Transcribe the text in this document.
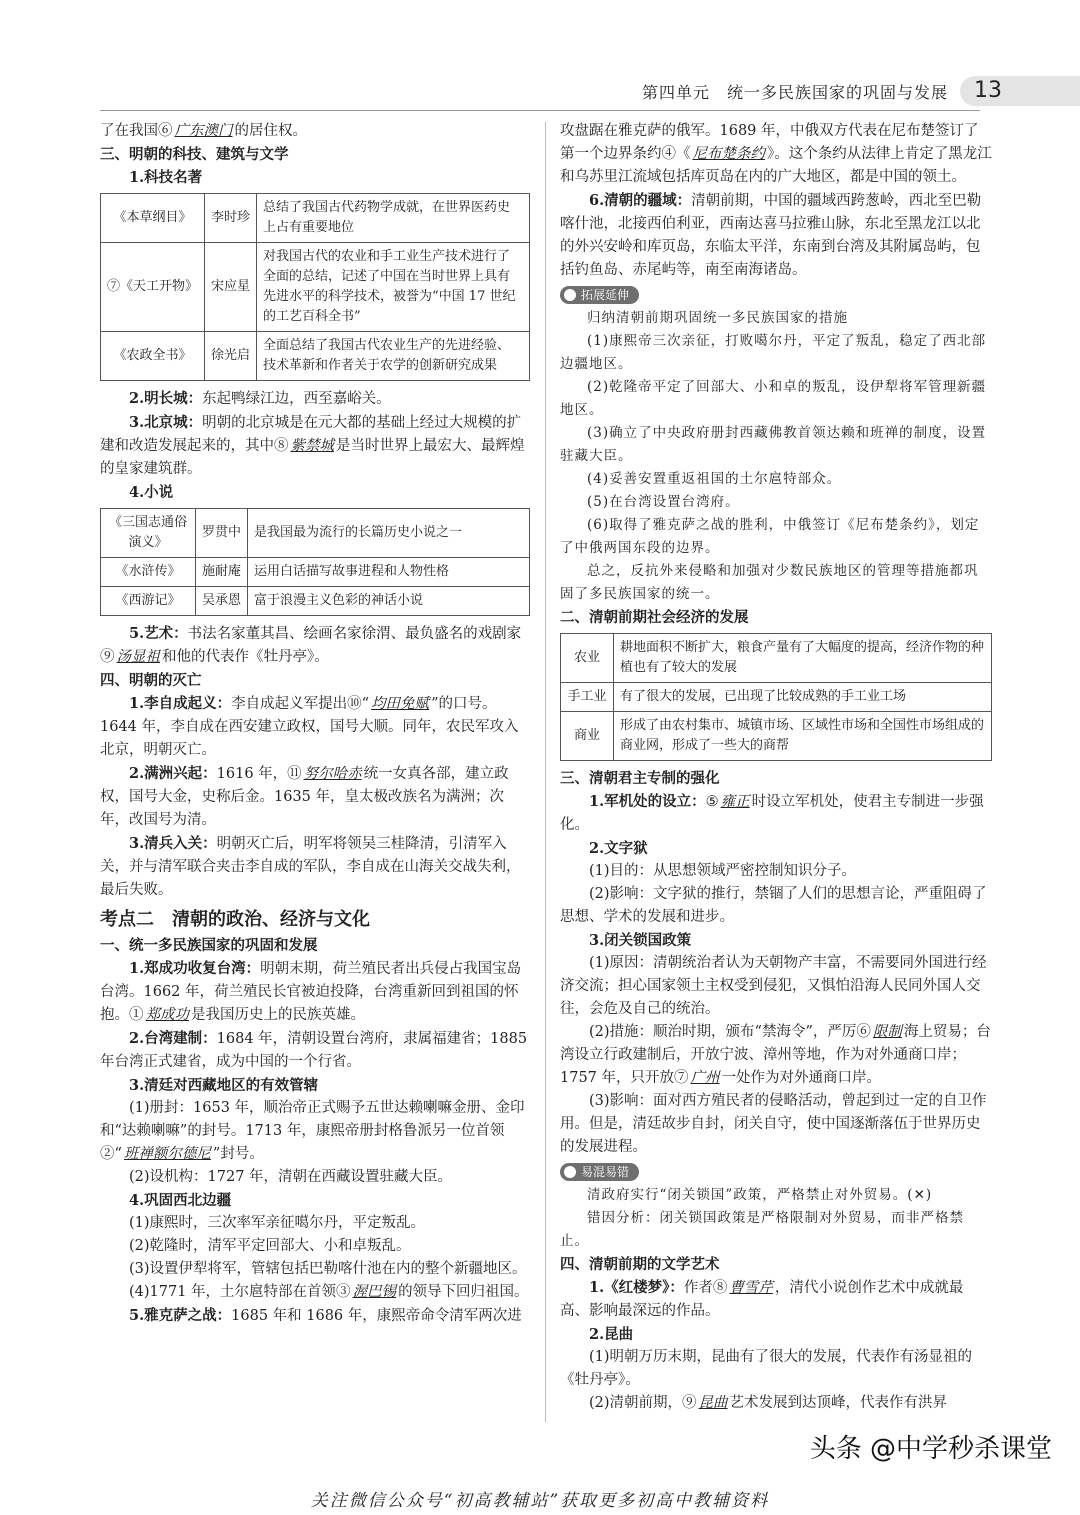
第四单元　统一多民族国家的巩固与发展 13

了在我国⑥ 广东澳门 的居住权。

三、明朝的科技、建筑与文学

1.科技名著

《本草纲目》	李时珍	总结了我国古代药物学成就，在世界医药史上占有重要地位
⑦《天工开物》	宋应星	对我国古代的农业和手工业生产技术进行了全面的总结，记述了中国在当时世界上具有先进水平的科学技术，被誉为“中国 17 世纪的工艺百科全书”
《农政全书》	徐光启	全面总结了我国古代农业生产的先进经验、技术革新和作者关于农学的创新研究成果

2.明长城：东起鸭绿江边，西至嘉峪关。

3.北京城：明朝的北京城是在元大都的基础上经过大规模的扩建和改造发展起来的，其中⑧ 紫禁城 是当时世界上最宏大、最辉煌的皇家建筑群。

4.小说

《三国志通俗演义》	罗贯中	是我国最为流行的长篇历史小说之一
《水浒传》	施耐庵	运用白话描写故事进程和人物性格
《西游记》	吴承恩	富于浪漫主义色彩的神话小说

5.艺术：书法名家董其昌、绘画名家徐渭、最负盛名的戏剧家⑨ 汤显祖 和他的代表作《牡丹亭》。

四、明朝的灭亡

1.李自成起义：李自成起义军提出⑩“ 均田免赋 ”的口号。1644 年，李自成在西安建立政权，国号大顺。同年，农民军攻入北京，明朝灭亡。

2.满洲兴起：1616 年，⑪ 努尔哈赤 统一女真各部，建立政权，国号大金，史称后金。1635 年，皇太极改族名为满洲；次年，改国号为清。

3.清兵入关：明朝灭亡后，明军将领吴三桂降清，引清军入关，并与清军联合夹击李自成的军队，李自成在山海关交战失利，最后失败。

考点二　清朝的政治、经济与文化

一、统一多民族国家的巩固和发展

1.郑成功收复台湾：明朝末期，荷兰殖民者出兵侵占我国宝岛台湾。1662 年，荷兰殖民长官被迫投降，台湾重新回到祖国的怀抱。① 郑成功 是我国历史上的民族英雄。

2.台湾建制：1684 年，清朝设置台湾府，隶属福建省；1885 年台湾正式建省，成为中国的一个行省。

3.清廷对西藏地区的有效管辖

(1)册封：1653 年，顺治帝正式赐予五世达赖喇嘛金册、金印和“达赖喇嘛”的封号。1713 年，康熙帝册封格鲁派另一位首领②“ 班禅额尔德尼 ”封号。

(2)设机构：1727 年，清朝在西藏设置驻藏大臣。

4.巩固西北边疆

(1)康熙时，三次率军亲征噶尔丹，平定叛乱。

(2)乾隆时，清军平定回部大、小和卓叛乱。

(3)设置伊犁将军，管辖包括巴勒喀什池在内的整个新疆地区。

(4)1771 年，土尔扈特部在首领③ 渥巴锡 的领导下回归祖国。

5.雅克萨之战：1685 年和 1686 年，康熙帝命令清军两次进

攻盘踞在雅克萨的俄军。1689 年，中俄双方代表在尼布楚签订了第一个边界条约④《 尼布楚条约 》。这个条约从法律上肯定了黑龙江和乌苏里江流域包括库页岛在内的广大地区，都是中国的领土。

6.清朝的疆域：清朝前期，中国的疆域西跨葱岭，西北至巴勒喀什池，北接西伯利亚，西南达喜马拉雅山脉，东北至黑龙江以北的外兴安岭和库页岛，东临太平洋，东南到台湾及其附属岛屿，包括钓鱼岛、赤尾屿等，南至南海诸岛。

拓展延伸

归纳清朝前期巩固统一多民族国家的措施

(1)康熙帝三次亲征，打败噶尔丹，平定了叛乱，稳定了西北部边疆地区。

(2)乾隆帝平定了回部大、小和卓的叛乱，设伊犁将军管理新疆地区。

(3)确立了中央政府册封西藏佛教首领达赖和班禅的制度，设置驻藏大臣。

(4)妥善安置重返祖国的土尔扈特部众。

(5)在台湾设置台湾府。

(6)取得了雅克萨之战的胜利，中俄签订《尼布楚条约》，划定了中俄两国东段的边界。

总之，反抗外来侵略和加强对少数民族地区的管理等措施都巩固了多民族国家的统一。

二、清朝前期社会经济的发展

农业	耕地面积不断扩大，粮食产量有了大幅度的提高，经济作物的种植也有了较大的发展
手工业	有了很大的发展，已出现了比较成熟的手工业工场
商业	形成了由农村集市、城镇市场、区域性市场和全国性市场组成的商业网，形成了一些大的商帮

三、清朝君主专制的强化

1.军机处的设立：⑤ 雍正 时设立军机处，使君主专制进一步强化。

2.文字狱

(1)目的：从思想领域严密控制知识分子。

(2)影响：文字狱的推行，禁锢了人们的思想言论，严重阻碍了思想、学术的发展和进步。

3.闭关锁国政策

(1)原因：清朝统治者认为天朝物产丰富，不需要同外国进行经济交流；担心国家领土主权受到侵犯，又惧怕沿海人民同外国人交往，会危及自己的统治。

(2)措施：顺治时期，颁布“禁海令”，严厉⑥ 限制 海上贸易；台湾设立行政建制后，开放宁波、漳州等地，作为对外通商口岸；1757 年，只开放⑦ 广州 一处作为对外通商口岸。

(3)影响：面对西方殖民者的侵略活动，曾起到过一定的自卫作用。但是，清廷故步自封，闭关自守，使中国逐渐落伍于世界历史的发展进程。

易混易错

清政府实行“闭关锁国”政策，严格禁止对外贸易。(✕)

错因分析：闭关锁国政策是严格限制对外贸易，而非严格禁止。

四、清朝前期的文学艺术

1.《红楼梦》：作者⑧ 曹雪芹 ，清代小说创作艺术中成就最高、影响最深远的作品。

2.昆曲

(1)明朝万历末期，昆曲有了很大的发展，代表作有汤显祖的《牡丹亭》。

(2)清朝前期，⑨ 昆曲 艺术发展到达顶峰，代表作有洪昇

头条 @中学秒杀课堂
关注微信公众号“初高教辅站”获取更多初高中教辅资料
